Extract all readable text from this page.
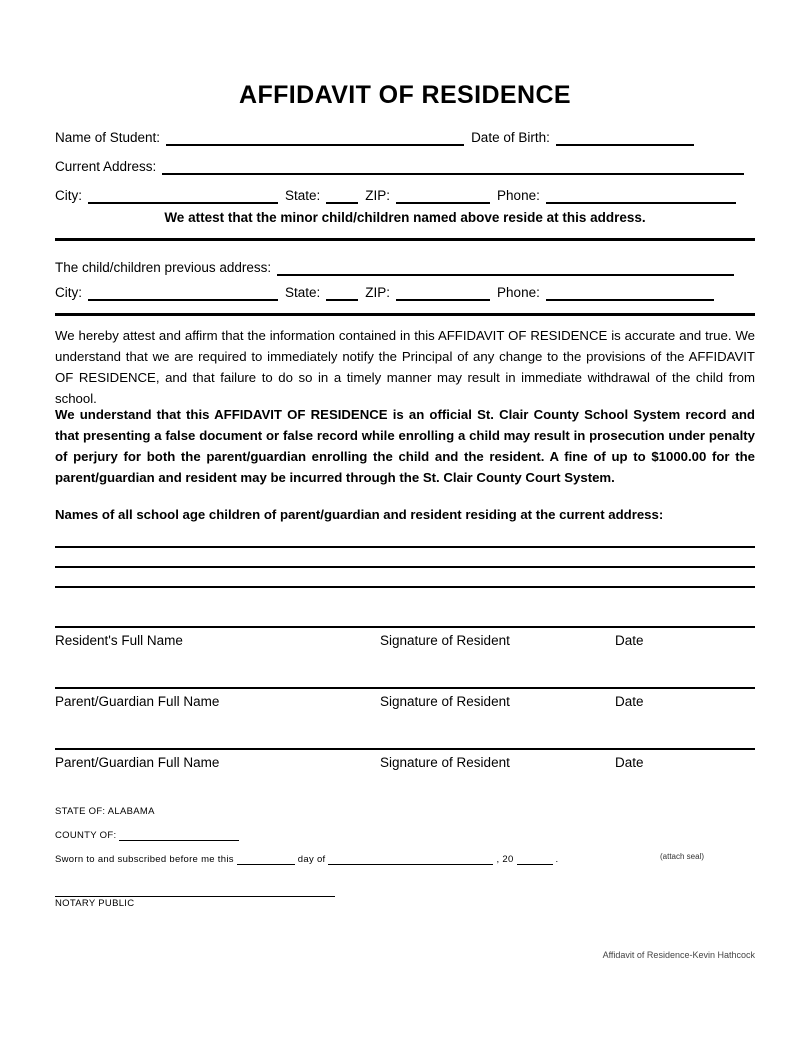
AFFIDAVIT OF RESIDENCE
Name of Student:	Date of Birth:
Current Address:
City:	State:	ZIP:	Phone:
We attest that the minor child/children named above reside at this address.
The child/children previous address:
City:	State:	ZIP:	Phone:
We hereby attest and affirm that the information contained in this AFFIDAVIT OF RESIDENCE is accurate and true. We understand that we are required to immediately notify the Principal of any change to the provisions of the AFFIDAVIT OF RESIDENCE, and that failure to do so in a timely manner may result in immediate withdrawal of the child from school.
We understand that this AFFIDAVIT OF RESIDENCE is an official St. Clair County School System record and that presenting a false document or false record while enrolling a child may result in prosecution under penalty of perjury for both the parent/guardian enrolling the child and the resident. A fine of up to $1000.00 for the parent/guardian and resident may be incurred through the St. Clair County Court System.
Names of all school age children of parent/guardian and resident residing at the current address:
Resident's Full Name	Signature of Resident	Date
Parent/Guardian Full Name	Signature of Resident	Date
Parent/Guardian Full Name	Signature of Resident	Date
STATE OF: ALABAMA
COUNTY OF:
Sworn to and subscribed before me this	day of	, 20	.	(attach seal)
NOTARY PUBLIC
Affidavit of Residence-Kevin Hathcock
